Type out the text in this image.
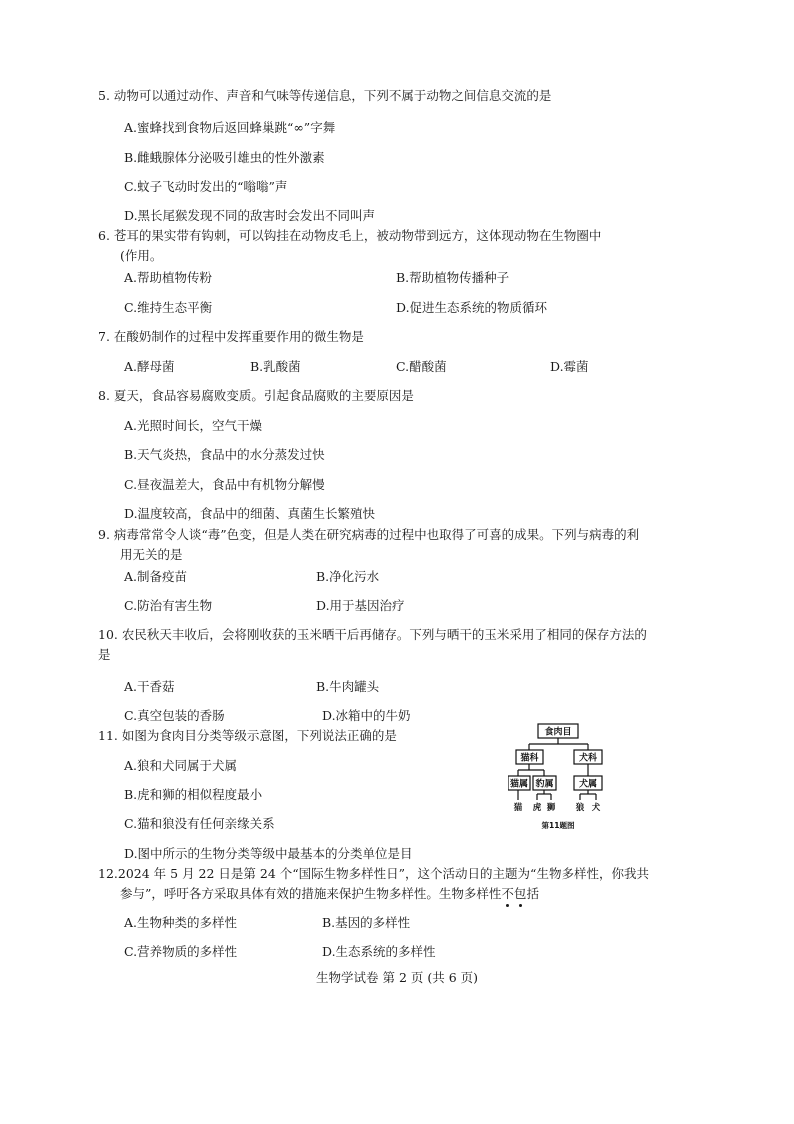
5. 动物可以通过动作、声音和气味等传递信息，下列不属于动物之间信息交流的是
A.蜜蜂找到食物后返回蜂巢跳“∞”字舞
B.雌蛾腺体分泌吸引雄虫的性外激素
C.蚊子飞动时发出的“嗡嗡”声
D.黑长尾猴发现不同的敌害时会发出不同叫声
6. 苍耳的果实带有钩刺，可以钩挂在动物皮毛上，被动物带到远方，这体现动物在生物圈中
(作用。
A.帮助植物传粉	B.帮助植物传播种子
C.维持生态平衡	D.促进生态系统的物质循环
7. 在酸奶制作的过程中发挥重要作用的微生物是
A.酵母菌	B.乳酸菌	C.醋酸菌	D.霉菌
8. 夏天，食品容易腐败变质。引起食品腐败的主要原因是
A.光照时间长，空气干燥
B.天气炎热，食品中的水分蒸发过快
C.昼夜温差大，食品中有机物分解慢
D.温度较高，食品中的细菌、真菌生长繁殖快
9. 病毒常常令人谈“毒”色变，但是人类在研究病毒的过程中也取得了可喜的成果。下列与病毒的利
用无关的是
A.制备疫苗	B.净化污水
C.防治有害生物	D.用于基因治疗
10. 农民秋天丰收后，会将刚收获的玉米晒干后再储存。下列与晒干的玉米采用了相同的保存方法的
是
A.干香菇	B.牛肉罐头
C.真空包装的香肠	D.冰箱中的牛奶
11. 如图为食肉目分类等级示意图，下列说法正确的是
A.狼和犬同属于犬属
B.虎和狮的相似程度最小
C.猫和狼没有任何亲缘关系
D.图中所示的生物分类等级中最基本的分类单位是目
食肉目
猫科	犬科
猫属 豹属	犬属
猫 虎 狮 狼 犬
第11题图
12.2024 年 5 月 22 日是第 24 个“国际生物多样性日”，这个活动日的主题为“生物多样性，你我共
参与”，呼吁各方采取具体有效的措施来保护生物多样性。生物多样性不
包
括
A.生物种类的多样性	B.基因的多样性
C.营养物质的多样性	D.生态系统的多样性
生物学试卷 第 2 页 (共 6 页)
